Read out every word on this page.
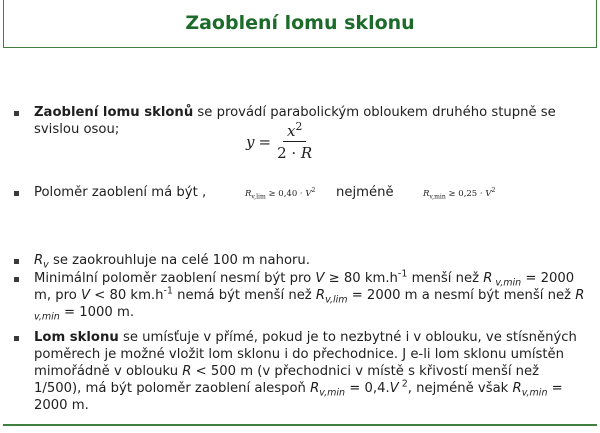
Zaoblení lomu sklonu
Zaoblení lomu sklonů se provádí parabolickým obloukem druhého stupně se svislou osou;
$y = \frac{x^2}{2 \cdot R}$
Poloměr zaoblení má být ,	$R_{v,lim} \ge 0,40 \cdot V^2$ nejméně	$R_{v,min} \ge 0,25 \cdot V^2$
$R_v$ se zaokrouhluje na celé 100 m nahoru.
Minimální poloměr zaoblení nesmí být pro V ≥ 80 $km.h^{-1}$ menší než R $_{v,min}$ = 2000 m, pro V < 80 $km.h^{-1}$ nemá být menší než $R_{v,lim} = 2000$ m a nesmí být menší než R $_{v,min}$ = 1000 m.
Lom sklonu se umísťuje v přímé, pokud je to nezbytné i v oblouku, ve stísněných poměrech je možné vložit lom sklonu i do přechodnice. J e-li lom sklonu umístěn mimořádně v oblouku R < 500 m (v přechodnici v místě s křivostí menší než 1/500), má být poloměr zaoblení alespoň $R_{v,min} = 0,4.V$ $^2$, nejméně však $R_{v,min} = 2000$ m.
